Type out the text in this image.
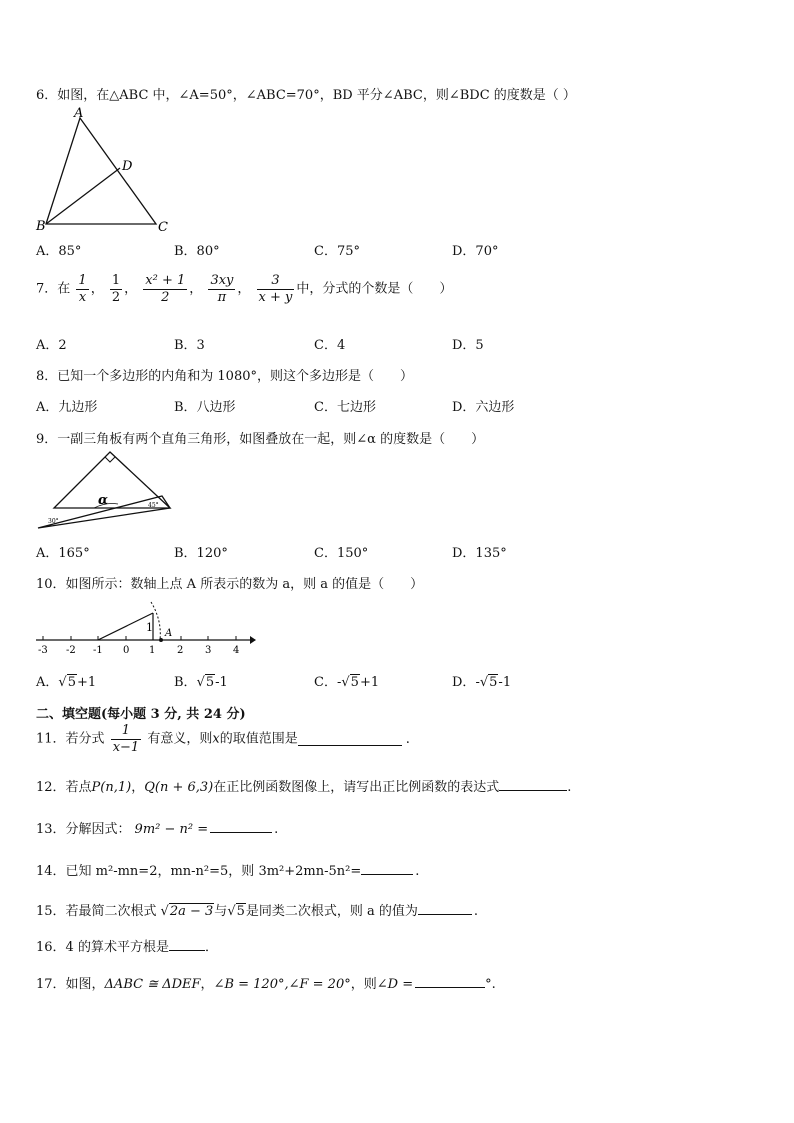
6．如图，在△ABC 中，∠A=50°，∠ABC=70°，BD 平分∠ABC，则∠BDC 的度数是（ ）
A
D
B	C
A．85°	B．80°	C．75°	D．70°
7．在 $\frac{1}{x}$ ， $\frac{1}{2}$ ， $\frac{\text{x² + 1}}{2}$ ， $\frac{3xy}{\pi}$ ， $\frac{3}{x + y}$ 中，分式的个数是（　　）
A．2	B．3	C．4	D．5
8．已知一个多边形的内角和为 1080°，则这个多边形是（　　）
A．九边形	B．八边形	C．七边形	D．六边形
9．一副三角板有两个直角三角形，如图叠放在一起，则∠α 的度数是（　　）
α
30°
45°
A．165°	B．120°	C．150°	D．135°
10．如图所示：数轴上点 A 所表示的数为 a，则 a 的值是（　　）
-3 -2 -1 0 1 2 3 4
1 A
A．√5+1	B．√5-1	C．-√5+1	D．-√5-1
二、填空题(每小题 3 分, 共 24 分)
11．若分式 $\frac{1}{x-1}$ 有意义，则x的取值范围是	.
12．若点P(n,1)，Q(n + 6,3)在正比例函数图像上，请写出正比例函数的表达式	.
13．分解因式： 9m² − n² =	.
14．已知 m²-mn=2，mn-n²=5，则 3m²+2mn-5n²=	.
15．若最简二次根式 √2a − 3与√5是同类二次根式，则 a 的值为	.
16．4 的算术平方根是	．
17．如图，ΔABC ≅ ΔDEF，∠B = 120°,∠F = 20°，则∠D =	°.
